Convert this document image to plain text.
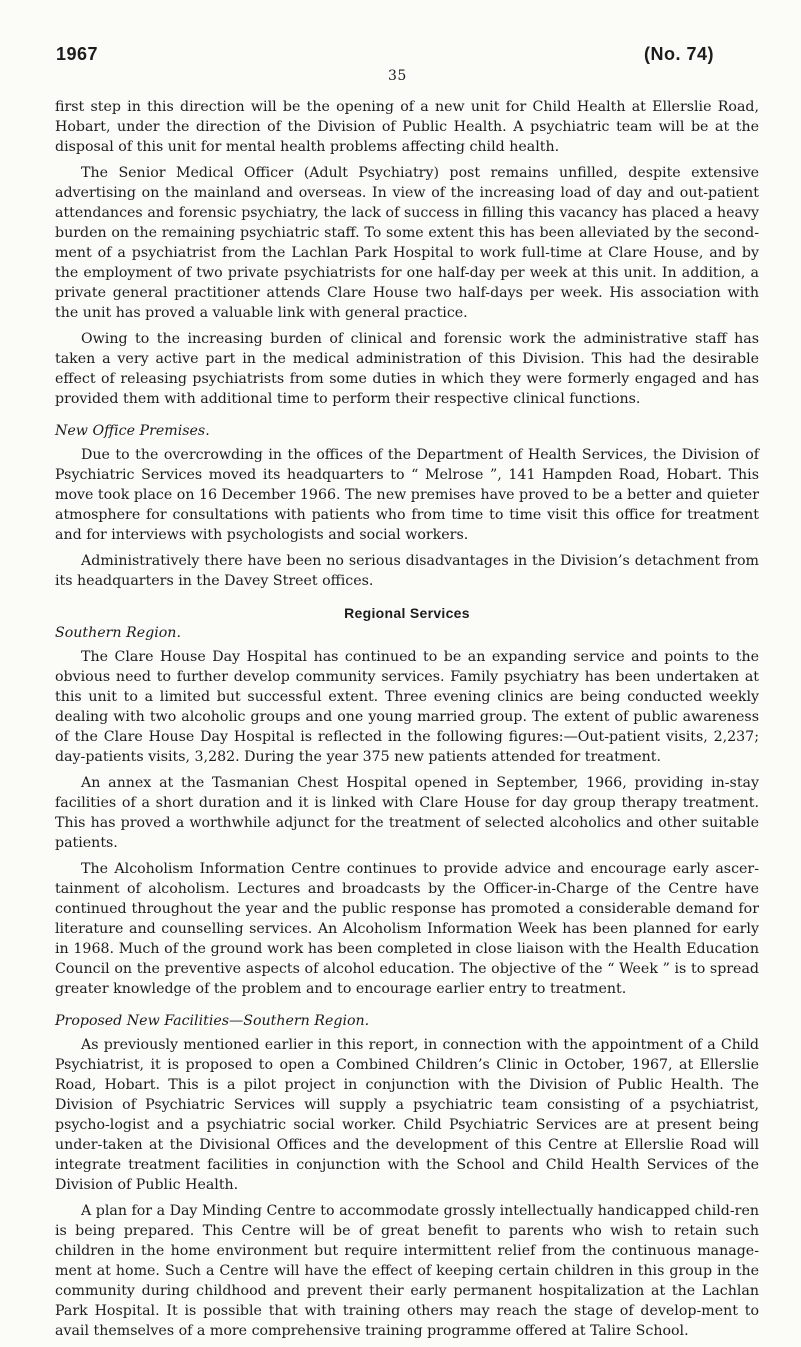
1967	(No. 74)
35

first step in this direction will be the opening of a new unit for Child Health at Ellerslie Road, Hobart, under the direction of the Division of Public Health. A psychiatric team will be at the disposal of this unit for mental health problems affecting child health.

The Senior Medical Officer (Adult Psychiatry) post remains unfilled, despite extensive advertising on the mainland and overseas. In view of the increasing load of day and out-patient attendances and forensic psychiatry, the lack of success in filling this vacancy has placed a heavy burden on the remaining psychiatric staff. To some extent this has been alleviated by the second-ment of a psychiatrist from the Lachlan Park Hospital to work full-time at Clare House, and by the employment of two private psychiatrists for one half-day per week at this unit. In addition, a private general practitioner attends Clare House two half-days per week. His association with the unit has proved a valuable link with general practice.

Owing to the increasing burden of clinical and forensic work the administrative staff has taken a very active part in the medical administration of this Division. This had the desirable effect of releasing psychiatrists from some duties in which they were formerly engaged and has provided them with additional time to perform their respective clinical functions.

New Office Premises.

Due to the overcrowding in the offices of the Department of Health Services, the Division of Psychiatric Services moved its headquarters to “ Melrose ”, 141 Hampden Road, Hobart. This move took place on 16 December 1966. The new premises have proved to be a better and quieter atmosphere for consultations with patients who from time to time visit this office for treatment and for interviews with psychologists and social workers.

Administratively there have been no serious disadvantages in the Division’s detachment from its headquarters in the Davey Street offices.

Regional Services
Southern Region.

The Clare House Day Hospital has continued to be an expanding service and points to the obvious need to further develop community services. Family psychiatry has been undertaken at this unit to a limited but successful extent. Three evening clinics are being conducted weekly dealing with two alcoholic groups and one young married group. The extent of public awareness of the Clare House Day Hospital is reflected in the following figures:—Out-patient visits, 2,237; day-patients visits, 3,282. During the year 375 new patients attended for treatment.

An annex at the Tasmanian Chest Hospital opened in September, 1966, providing in-stay facilities of a short duration and it is linked with Clare House for day group therapy treatment. This has proved a worthwhile adjunct for the treatment of selected alcoholics and other suitable patients.

The Alcoholism Information Centre continues to provide advice and encourage early ascer-tainment of alcoholism. Lectures and broadcasts by the Officer-in-Charge of the Centre have continued throughout the year and the public response has promoted a considerable demand for literature and counselling services. An Alcoholism Information Week has been planned for early in 1968. Much of the ground work has been completed in close liaison with the Health Education Council on the preventive aspects of alcohol education. The objective of the “ Week ” is to spread greater knowledge of the problem and to encourage earlier entry to treatment.

Proposed New Facilities—Southern Region.

As previously mentioned earlier in this report, in connection with the appointment of a Child Psychiatrist, it is proposed to open a Combined Children’s Clinic in October, 1967, at Ellerslie Road, Hobart. This is a pilot project in conjunction with the Division of Public Health. The Division of Psychiatric Services will supply a psychiatric team consisting of a psychiatrist, psycho-logist and a psychiatric social worker. Child Psychiatric Services are at present being under-taken at the Divisional Offices and the development of this Centre at Ellerslie Road will integrate treatment facilities in conjunction with the School and Child Health Services of the Division of Public Health.

A plan for a Day Minding Centre to accommodate grossly intellectually handicapped child-ren is being prepared. This Centre will be of great benefit to parents who wish to retain such children in the home environment but require intermittent relief from the continuous manage-ment at home. Such a Centre will have the effect of keeping certain children in this group in the community during childhood and prevent their early permanent hospitalization at the Lachlan Park Hospital. It is possible that with training others may reach the stage of develop-ment to avail themselves of a more comprehensive training programme offered at Talire School.
